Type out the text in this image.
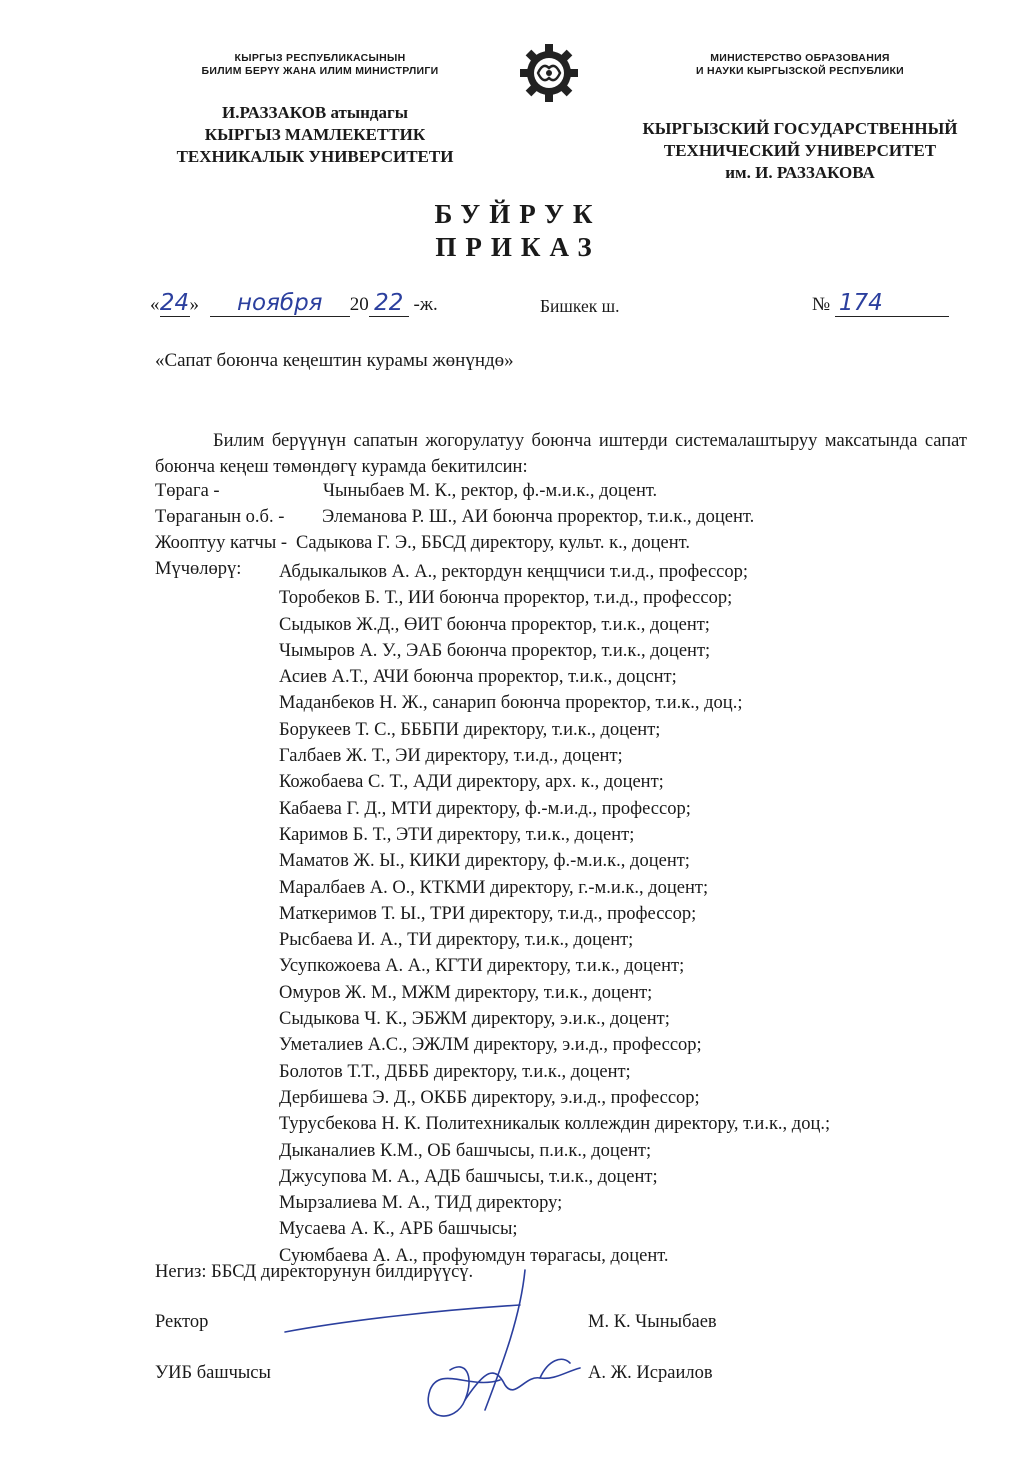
КЫРГЫЗ РЕСПУБЛИКАСЫНЫН
БИЛИМ БЕРҮҮ ЖАНА ИЛИМ МИНИСТРЛИГИ
И.РАЗЗАКОВ атындагы
КЫРГЫЗ МАМЛЕКЕТТИК
ТЕХНИКАЛЫК УНИВЕРСИТЕТИ
МИНИСТЕРСТВО ОБРАЗОВАНИЯ
И НАУКИ КЫРГЫЗСКОЙ РЕСПУБЛИКИ
КЫРГЫЗСКИЙ ГОСУДАРСТВЕННЫЙ
ТЕХНИЧЕСКИЙ УНИВЕРСИТЕТ
им. И. РАЗЗАКОВА
БУЙРУК
ПРИКАЗ
«24» ноября 20 22 -ж.	Бишкек ш.	№ 174
«Сапат боюнча кеңештин курамы жөнүндө»
Билим берүүнүн сапатын жогорулатуу боюнча иштерди системалаштыруу максатында сапат боюнча кеңеш төмөндөгү курамда бекитилсин:
Төрага -	Чыныбаев М. К., ректор, ф.-м.и.к., доцент.
Төраганын о.б. - Элеманова Р. Ш., АИ боюнча проректор, т.и.к., доцент.
Жооптуу катчы - Садыкова Г. Э., ББСД директору, культ. к., доцент.
Мүчөлөрү: Абдыкалыков А. А., ректордун кеңщчиси т.и.д., профессор;
Торобеков Б. Т., ИИ боюнча проректор, т.и.д., профессор;
Сыдыков Ж.Д., ӨИТ боюнча проректор, т.и.к., доцент;
Чымыров А. У., ЭАБ боюнча проректор, т.и.к., доцент;
Асиев А.Т., АЧИ боюнча проректор, т.и.к., доцснт;
Маданбеков Н. Ж., санарип боюнча проректор, т.и.к., доц.;
Борукеев Т. С., БББПИ директору, т.и.к., доцент;
Галбаев Ж. Т., ЭИ директору, т.и.д., доцент;
Кожобаева С. Т., АДИ директору, арх. к., доцент;
Кабаева Г. Д., МТИ директору, ф.-м.и.д., профессор;
Каримов Б. Т., ЭТИ директору, т.и.к., доцент;
Маматов Ж. Ы., КИКИ директору, ф.-м.и.к., доцент;
Маралбаев А. О., КТКМИ директору, г.-м.и.к., доцент;
Маткеримов Т. Ы., ТРИ директору, т.и.д., профессор;
Рысбаева И. А., ТИ директору, т.и.к., доцент;
Усупкожоева А. А., КГТИ директору, т.и.к., доцент;
Омуров Ж. М., МЖМ директору, т.и.к., доцент;
Сыдыкова Ч. К., ЭБЖМ директору, э.и.к., доцент;
Уметалиев А.С., ЭЖЛМ директору, э.и.д., профессор;
Болотов Т.Т., ДБББ директору, т.и.к., доцент;
Дербишева Э. Д., ОКББ директору, э.и.д., профессор;
Турусбекова Н. К. Политехникалык коллеждин директору, т.и.к., доц.;
Дыканалиев К.М., ОБ башчысы, п.и.к., доцент;
Джусупова М. А., АДБ башчысы, т.и.к., доцент;
Мырзалиева М. А., ТИД директору;
Мусаева А. К., АРБ башчысы;
Суюмбаева А. А., профуюмдун төрагасы, доцент.
Негиз: ББСД директорунун билдирүүсү.
Ректор	М. К. Чыныбаев
УИБ башчысы	А. Ж. Исраилов
